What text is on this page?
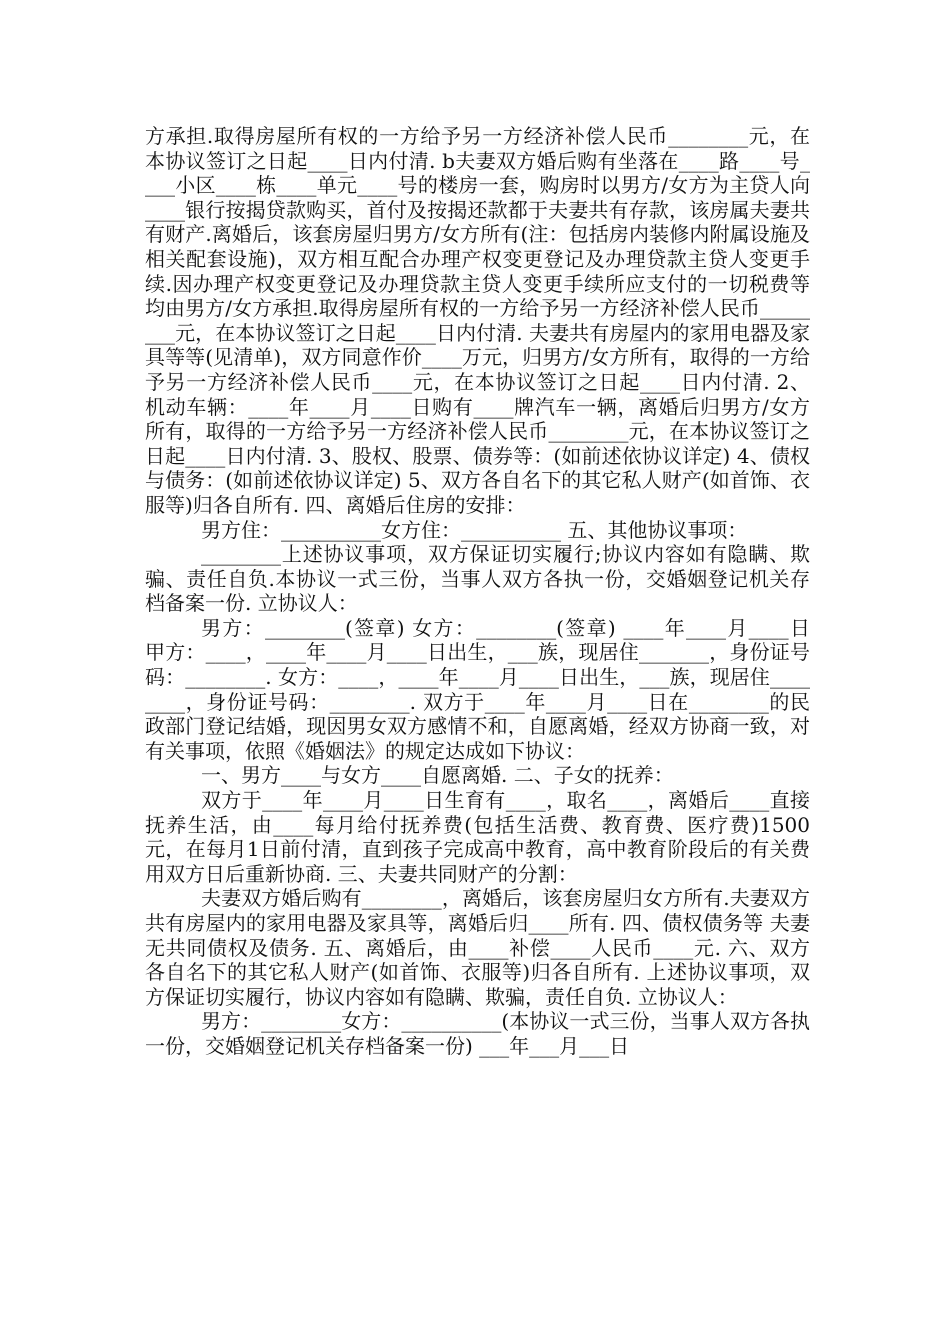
方承担.取得房屋所有权的一方给予另一方经济补偿人民币________元，在本协议签订之日起____日内付清. b夫妻双方婚后购有坐落在____路____号____小区____栋____单元____号的楼房一套，购房时以男方/女方为主贷人向____银行按揭贷款购买，首付及按揭还款都于夫妻共有存款，该房属夫妻共有财产.离婚后，该套房屋归男方/女方所有(注：包括房内装修内附属设施及相关配套设施)，双方相互配合办理产权变更登记及办理贷款主贷人变更手续.因办理产权变更登记及办理贷款主贷人变更手续所应支付的一切税费等均由男方/女方承担.取得房屋所有权的一方给予另一方经济补偿人民币________元，在本协议签订之日起____日内付清. 夫妻共有房屋内的家用电器及家具等等(见清单)，双方同意作价____万元，归男方/女方所有，取得的一方给予另一方经济补偿人民币____元，在本协议签订之日起____日内付清. 2、机动车辆：____年____月____日购有____牌汽车一辆，离婚后归男方/女方所有，取得的一方给予另一方经济补偿人民币________元，在本协议签订之日起____日内付清. 3、股权、股票、债券等：(如前述依协议详定) 4、债权与债务：(如前述依协议详定) 5、双方各自名下的其它私人财产(如首饰、衣服等)归各自所有. 四、离婚后住房的安排：

男方住：__________女方住：__________ 五、其他协议事项：

________上述协议事项，双方保证切实履行;协议内容如有隐瞒、欺骗、责任自负.本协议一式三份，当事人双方各执一份，交婚姻登记机关存档备案一份. 立协议人：

男方：________(签章) 女方：________(签章) ____年____月____日 甲方：____，____年____月____日出生，___族，现居住_______，身份证号码：________. 女方：____，____年____月____日出生，___族，现居住________，身份证号码：________. 双方于____年____月____日在________的民政部门登记结婚，现因男女双方感情不和，自愿离婚，经双方协商一致，对有关事项，依照《婚姻法》的规定达成如下协议：

一、男方____与女方____自愿离婚. 二、子女的抚养：

双方于____年____月____日生育有____，取名____，离婚后____直接抚养生活，由____每月给付抚养费(包括生活费、教育费、医疗费)1500元，在每月1日前付清，直到孩子完成高中教育，高中教育阶段后的有关费用双方日后重新协商. 三、夫妻共同财产的分割：

夫妻双方婚后购有________，离婚后，该套房屋归女方所有.夫妻双方共有房屋内的家用电器及家具等，离婚后归____所有. 四、债权债务等 夫妻无共同债权及债务. 五、离婚后，由____补偿____人民币____元. 六、双方各自名下的其它私人财产(如首饰、衣服等)归各自所有. 上述协议事项，双方保证切实履行，协议内容如有隐瞒、欺骗，责任自负. 立协议人：

男方：________女方：__________(本协议一式三份，当事人双方各执一份，交婚姻登记机关存档备案一份) ___年___月___日
